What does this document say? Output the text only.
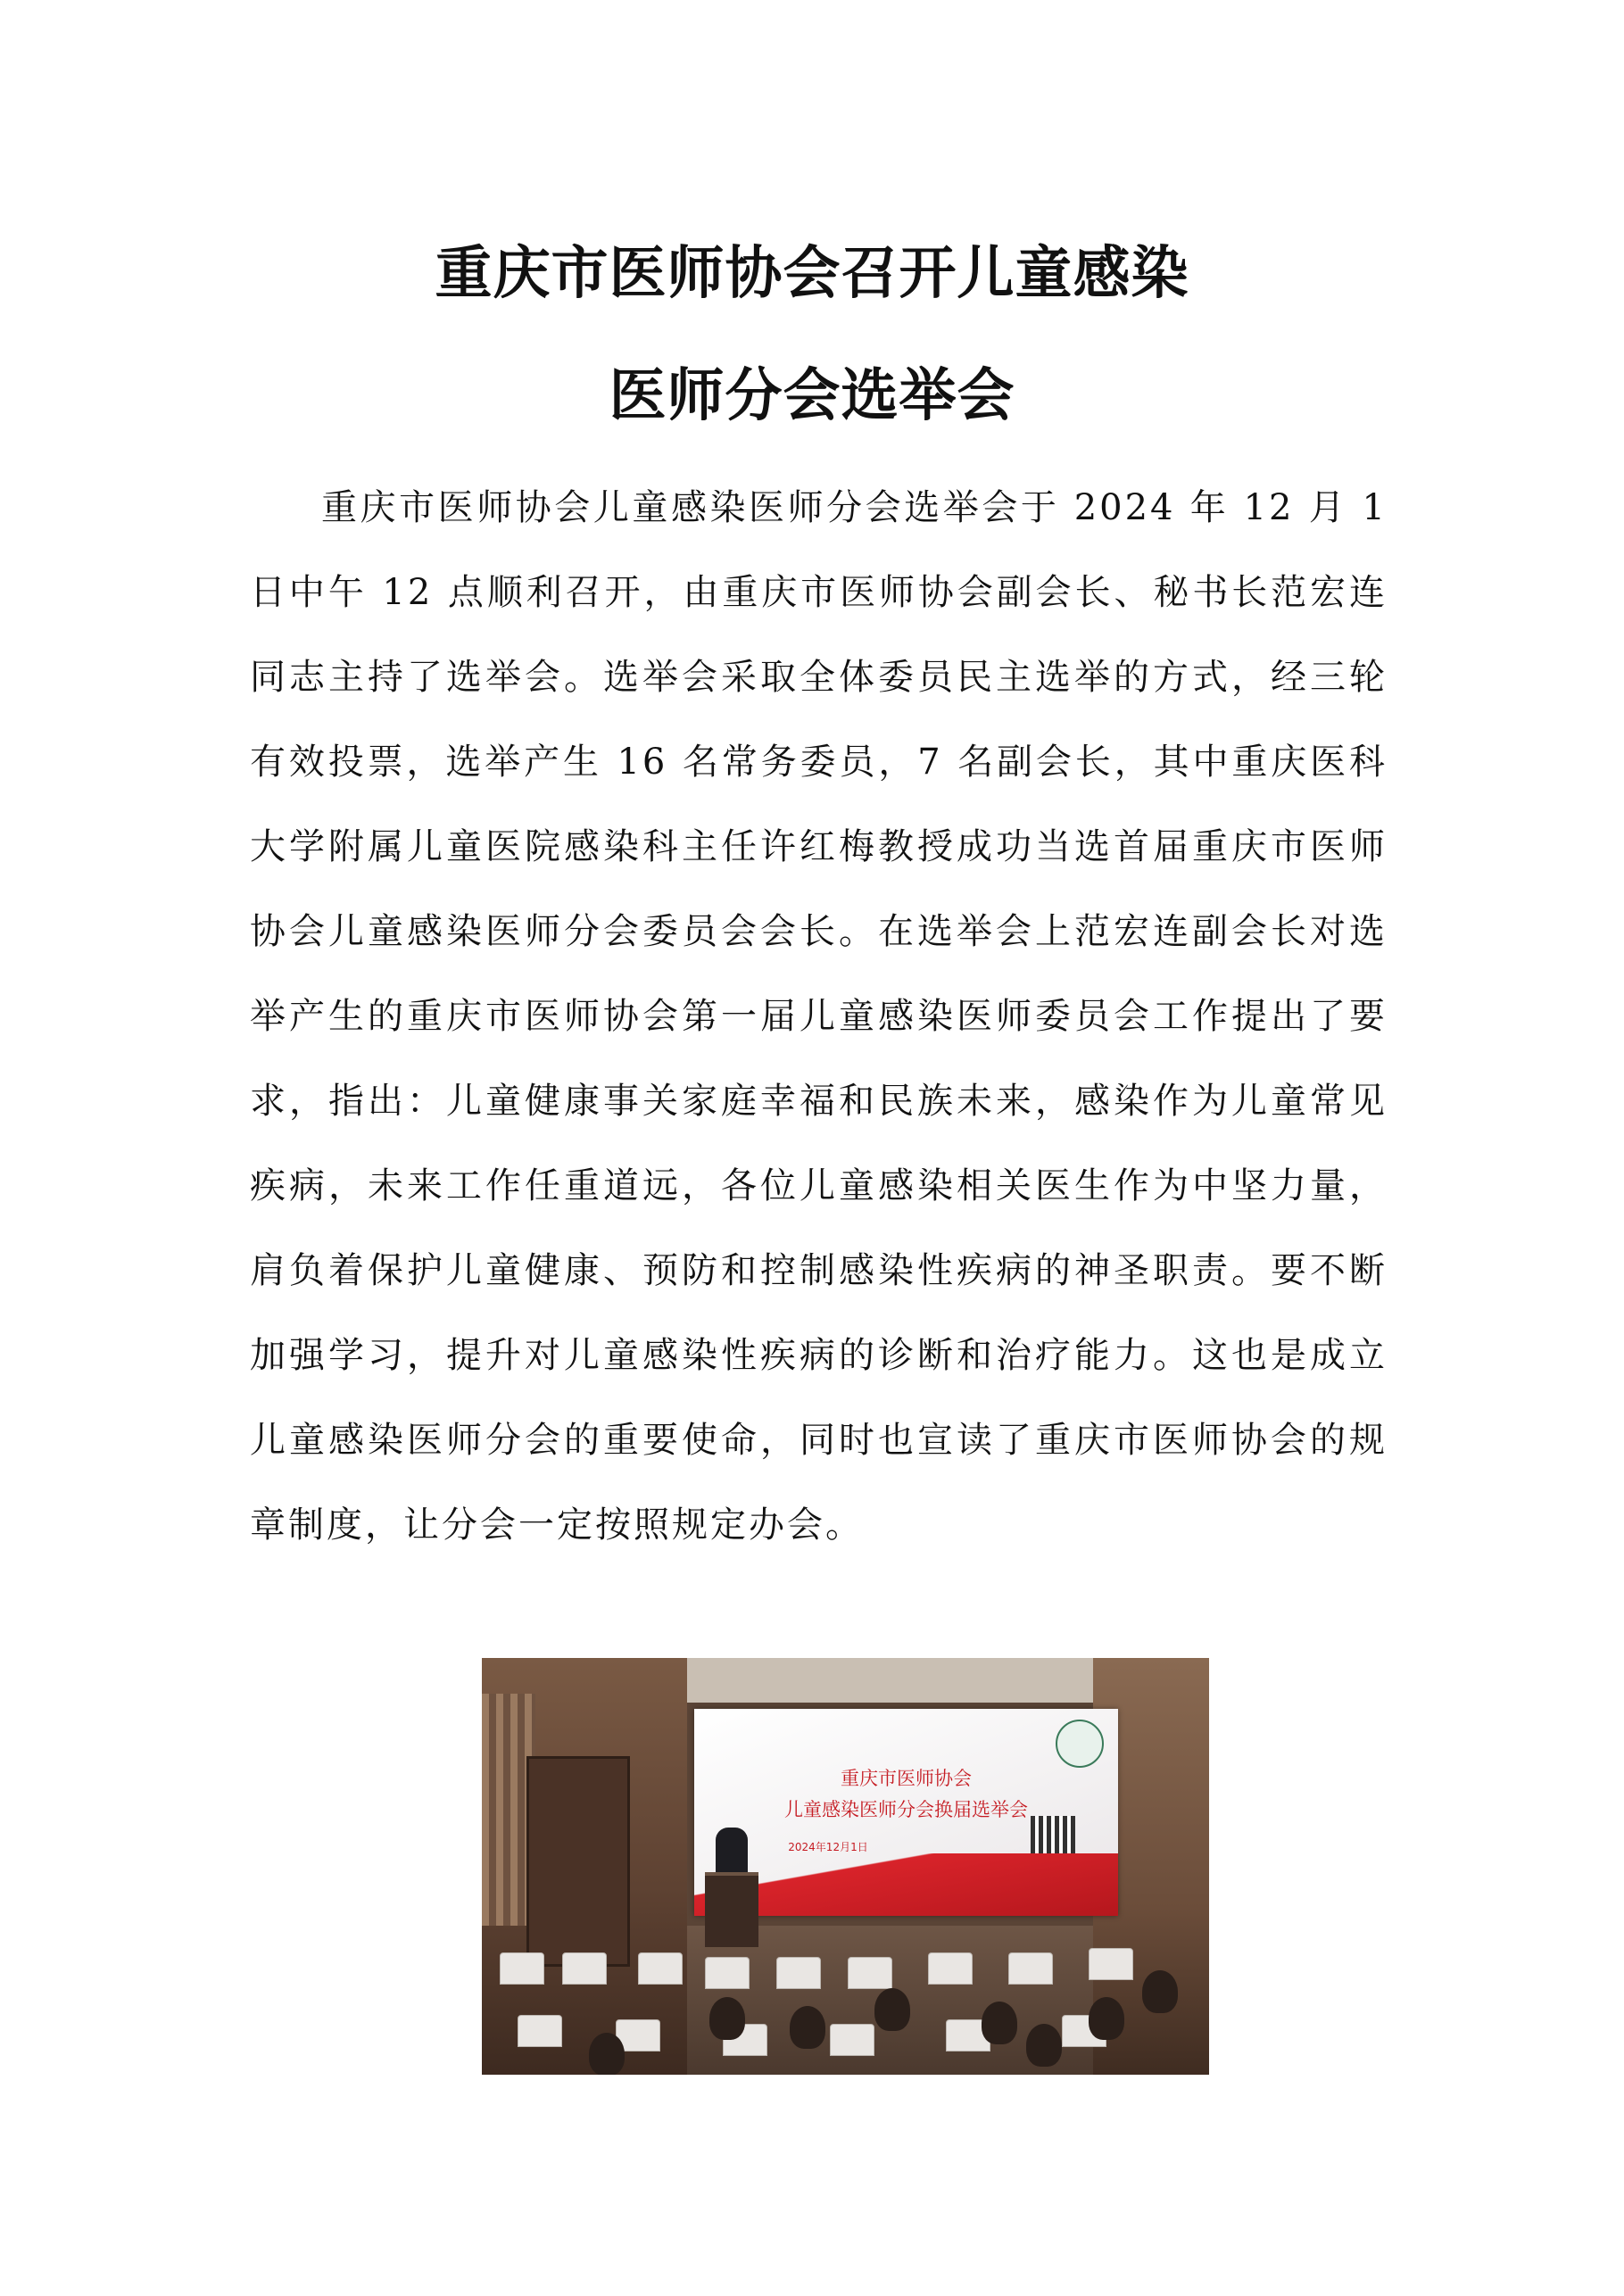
重庆市医师协会召开儿童感染
医师分会选举会

重庆市医师协会儿童感染医师分会选举会于 2024 年 12 月 1 日中午 12 点顺利召开，由重庆市医师协会副会长、秘书长范宏连同志主持了选举会。选举会采取全体委员民主选举的方式，经三轮有效投票，选举产生 16 名常务委员，7 名副会长，其中重庆医科大学附属儿童医院感染科主任许红梅教授成功当选首届重庆市医师协会儿童感染医师分会委员会会长。在选举会上范宏连副会长对选举产生的重庆市医师协会第一届儿童感染医师委员会工作提出了要求，指出：儿童健康事关家庭幸福和民族未来，感染作为儿童常见疾病，未来工作任重道远，各位儿童感染相关医生作为中坚力量，肩负着保护儿童健康、预防和控制感染性疾病的神圣职责。要不断加强学习，提升对儿童感染性疾病的诊断和治疗能力。这也是成立儿童感染医师分会的重要使命，同时也宣读了重庆市医师协会的规章制度，让分会一定按照规定办会。

重庆市医师协会
儿童感染医师分会换届选举会
2024年12月1日
